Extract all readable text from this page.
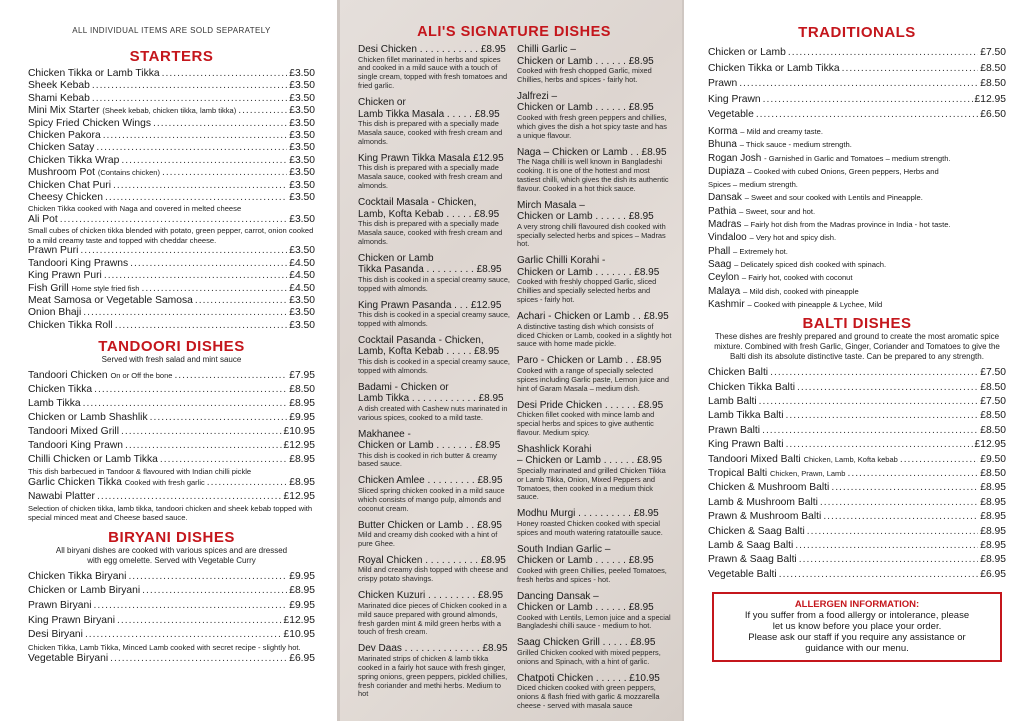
ALL INDIVIDUAL ITEMS ARE SOLD SEPARATELY
STARTERS
Chicken Tikka or Lamb Tikka .....	£3.50
Sheek Kebab .....	£3.50
Shami Kebab .....	£3.50
Mini Mix Starter (Sheek kebab, chicken tikka, lamb tikka) .....	£3.50
Spicy Fried Chicken Wings .....	£3.50
Chicken Pakora .....	£3.50
Chicken Satay .....	£3.50
Chicken Tikka Wrap .....	£3.50
Mushroom Pot (Contains chicken) .....	£3.50
Chicken Chat Puri .....	£3.50
Cheesy Chicken .....	£3.50
Chicken Tikka cooked with Naga and covered in melted cheese
Ali Pot .....	£3.50
Small cubes of chicken tikka blended with potato, green pepper, carrot, onion cooked to a mild creamy taste and topped with cheddar cheese.
Prawn Puri .....	£3.50
Tandoori King Prawns .....	£4.50
King Prawn Puri .....	£4.50
Fish Grill Home style fried fish .....	£4.50
Meat Samosa or Vegetable Samosa .....	£3.50
Onion Bhaji .....	£3.50
Chicken Tikka Roll .....	£3.50
TANDOORI DISHES
Served with fresh salad and mint sauce
Tandoori Chicken On or Off the bone .....	£7.95
Chicken Tikka .....	£8.50
Lamb Tikka .....	£8.95
Chicken or Lamb Shashlik .....	£9.95
Tandoori Mixed Grill .....	£10.95
Tandoori King Prawn .....	£12.95
Chilli Chicken or Lamb Tikka .....	£8.95
This dish barbecued in Tandoor & flavoured with Indian chilli pickle
Garlic Chicken Tikka Cooked with fresh garlic .....	£8.95
Nawabi Platter .....	£12.95
Selection of chicken tikka, lamb tikka, tandoori chicken and sheek kebab topped with special minced meat and Cheese based sauce.
BIRYANI DISHES
All biryani dishes are cooked with various spices and are dressed
with egg omelette. Served with Vegetable Curry
Chicken Tikka Biryani .....	£9.95
Chicken or Lamb Biryani .....	£8.95
Prawn Biryani .....	£9.95
King Prawn Biryani .....	£12.95
Desi Biryani .....	£10.95
Chicken Tikka, Lamb Tikka, Minced Lamb cooked with secret recipe - slightly hot.
Vegetable Biryani .....	£6.95
ALI'S SIGNATURE DISHES
Desi Chicken . . . . . . . . . . . £8.95
Chicken fillet marinated in herbs and spices and cooked in a mild sauce with a touch of single cream, topped with fresh tomatoes and fried garlic.
Chicken or
Lamb Tikka Masala . . . . . £8.95
This dish is prepared with a specially made Masala sauce, cooked with fresh cream and almonds.
King Prawn Tikka Masala £12.95
This dish is prepared with a specially made Masala sauce, cooked with fresh cream and almonds.
Cocktail Masala - Chicken,
Lamb, Kofta Kebab . . . . . £8.95
This dish is prepared with a specially made Masala sauce, cooked with fresh cream and almonds.
Chicken or Lamb
Tikka Pasanda . . . . . . . . . £8.95
This dish is cooked in a special creamy sauce, topped with almonds.
King Prawn Pasanda . . . £12.95
This dish is cooked in a special creamy sauce, topped with almonds.
Cocktail Pasanda - Chicken,
Lamb, Kofta Kebab . . . . . £8.95
This dish is cooked in a special creamy sauce, topped with almonds.
Badami - Chicken or
Lamb Tikka . . . . . . . . . . . . £8.95
A dish created with Cashew nuts marinated in various spices, cooked to a mild taste.
Makhanee -
Chicken or Lamb . . . . . . . £8.95
This dish is cooked in rich butter & creamy based sauce.
Chicken Amlee . . . . . . . . . £8.95
Sliced spring chicken cooked in a mild sauce which consists of mango pulp, almonds and coconut cream.
Butter Chicken or Lamb . . £8.95
Mild and creamy dish cooked with a hint of pure Ghee.
Royal Chicken . . . . . . . . . . £8.95
Mild and creamy dish topped with cheese and crispy potato shavings.
Chicken Kuzuri . . . . . . . . . £8.95
Marinated dice pieces of Chicken cooked in a mild sauce prepared with ground almonds, fresh garden mint & mild green herbs with a touch of fresh cream.
Dev Daas . . . . . . . . . . . . . . £8.95
Marinated strips of chicken & lamb tikka cooked in a fairly hot sauce with fresh ginger, spring onions, green peppers, pickled chillies, fresh coriander and methi herbs. Medium to hot
Chilli Garlic –
Chicken or Lamb . . . . . . £8.95
Cooked with fresh chopped Garlic, mixed Chillies, herbs and spices - fairly hot.
Jalfrezi –
Chicken or Lamb . . . . . . £8.95
Cooked with fresh green peppers and chillies, which gives the dish a hot spicy taste and has a unique flavour.
Naga – Chicken or Lamb . . £8.95
The Naga chilli is well known in Bangladeshi cooking. It is one of the hottest and most tastiest chilli, which gives the dish its authentic flavour. Cooked in a hot thick sauce.
Mirch Masala –
Chicken or Lamb . . . . . . £8.95
A very strong chilli flavoured dish cooked with specially selected herbs and spices – Madras hot.
Garlic Chilli Korahi -
Chicken or Lamb . . . . . . . £8.95
Cooked with freshly chopped Garlic, sliced Chillies and specially selected herbs and spices - fairly hot.
Achari - Chicken or Lamb . . £8.95
A distinctive tasting dish which consists of diced Chicken or Lamb, cooked in a slightly hot sauce with home made pickle.
Paro - Chicken or Lamb . . £8.95
Cooked with a range of specially selected spices including Garlic paste, Lemon juice and hint of Garam Masala – medium dish.
Desi Pride Chicken . . . . . . £8.95
Chicken fillet cooked with mince lamb and special herbs and spices to give authentic flavour. Medium spicy.
Shashlick Korahi
– Chicken or Lamb . . . . . . £8.95
Specially marinated and grilled Chicken Tikka or Lamb Tikka, Onion, Mixed Peppers and Tomatoes, then cooked in a medium thick sauce.
Modhu Murgi . . . . . . . . . . £8.95
Honey roasted Chicken cooked with special spices and mouth watering ratatouille sauce.
South Indian Garlic –
Chicken or Lamb . . . . . . £8.95
Cooked with green Chillies, peeled Tomatoes, fresh herbs and spices - hot.
Dancing Dansak –
Chicken or Lamb . . . . . . £8.95
Cooked with Lentils, Lemon juice and a special Bangladeshi chilli sauce - medium to hot.
Saag Chicken Grill . . . . . £8.95
Grilled Chicken cooked with mixed peppers, onions and Spinach, with a hint of garlic.
Chatpoti Chicken . . . . . . £10.95
Diced chicken cooked with green peppers, onions & flash fried with garlic & mozzarella cheese - served with masala sauce
TRADITIONALS
Chicken or Lamb .....	£7.50
Chicken Tikka or Lamb Tikka .....	£8.50
Prawn .....	£8.50
King Prawn .....	£12.95
Vegetable .....	£6.50
Korma – Mild and creamy taste.
Bhuna – Thick sauce - medium strength.
Rogan Josh - Garnished in Garlic and Tomatoes – medium strength.
Dupiaza – Cooked with cubed Onions, Green peppers, Herbs and
Spices – medium strength.
Dansak – Sweet and sour cooked with Lentils and Pineapple.
Pathia – Sweet, sour and hot.
Madras – Fairly hot dish from the Madras province in India - hot taste.
Vindaloo – Very hot and spicy dish.
Phall – Extremely hot.
Saag – Delicately spiced dish cooked with spinach.
Ceylon – Fairly hot, cooked with coconut
Malaya – Mild dish, cooked with pineapple
Kashmir – Cooked with pineapple & Lychee, Mild
BALTI DISHES
These dishes are freshly prepared and ground to create the most aromatic spice
mixture. Combined with fresh Garlic, Ginger, Coriander and Tomatoes to give the
Balti dish its absolute distinctive taste. Can be prepared to any strength.
Chicken Balti .....	£7.50
Chicken Tikka Balti .....	£8.50
Lamb Balti .....	£7.50
Lamb Tikka Balti .....	£8.50
Prawn Balti .....	£8.50
King Prawn Balti .....	£12.95
Tandoori Mixed Balti Chicken, Lamb, Kofta kebab .....	£9.50
Tropical Balti Chicken, Prawn, Lamb .....	£8.50
Chicken & Mushroom Balti .....	£8.95
Lamb & Mushroom Balti .....	£8.95
Prawn & Mushroom Balti .....	£8.95
Chicken & Saag Balti .....	£8.95
Lamb & Saag Balti .....	£8.95
Prawn & Saag Balti .....	£8.95
Vegetable Balti .....	£6.95
ALLERGEN INFORMATION:
If you suffer from a food allergy or intolerance, please
let us know before you place your order.
Please ask our staff if you require any assistance or
guidance with our menu.
